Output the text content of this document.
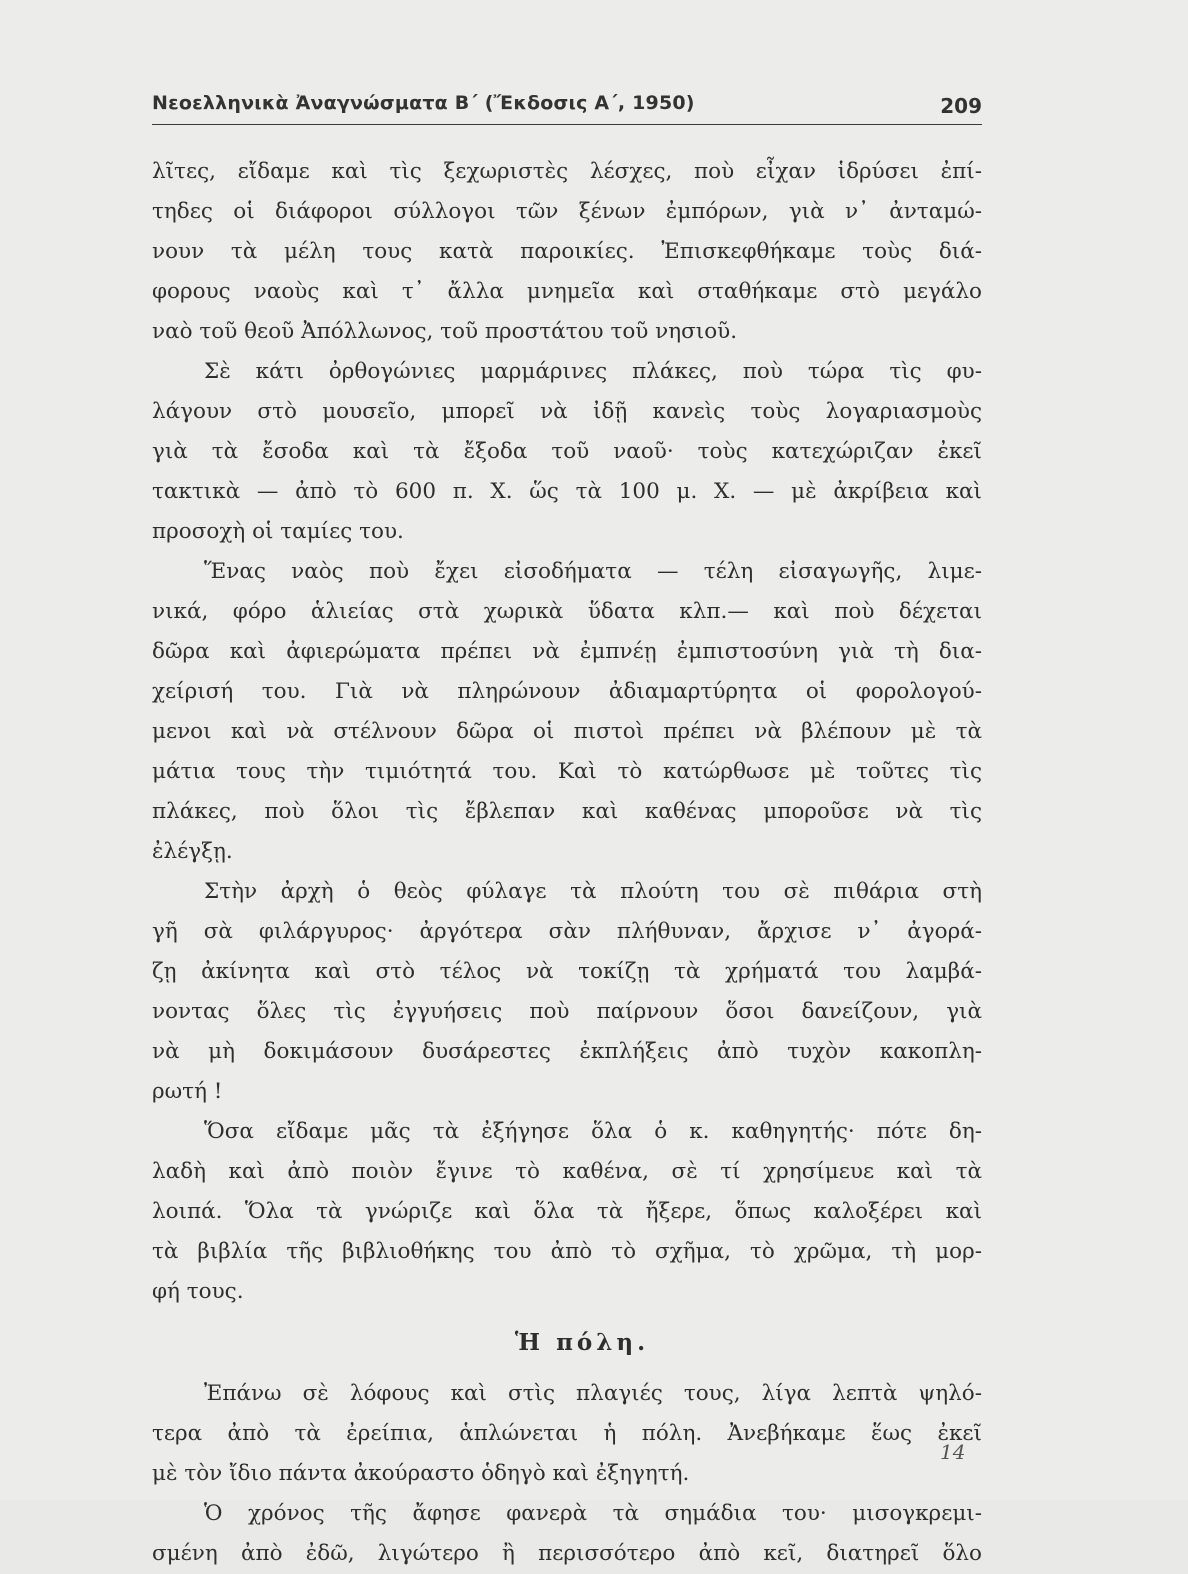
Νεοελληνικὰ Ἀναγνώσματα Β΄ (Ἔκδοσις Α΄, 1950)	209
λῖτες, εἴδαμε καὶ τὶς ξεχωριστὲς λέσχες, ποὺ εἶχαν ἱδρύσει ἐπί-
τηδες οἱ διάφοροι σύλλογοι τῶν ξένων ἐμπόρων, γιὰ ν᾿ ἀνταμώ-
νουν τὰ μέλη τους κατὰ παροικίες. Ἐπισκεφθήκαμε τοὺς διά-
φορους ναοὺς καὶ τ᾿ ἄλλα μνημεῖα καὶ σταθήκαμε στὸ μεγάλο
ναὸ τοῦ θεοῦ Ἀπόλλωνος, τοῦ προστάτου τοῦ νησιοῦ.
Σὲ κάτι ὀρθογώνιες μαρμάρινες πλάκες, ποὺ τώρα τὶς φυ-
λάγουν στὸ μουσεῖο, μπορεῖ νὰ ἰδῇ κανεὶς τοὺς λογαριασμοὺς
γιὰ τὰ ἔσοδα καὶ τὰ ἔξοδα τοῦ ναοῦ· τοὺς κατεχώριζαν ἐκεῖ
τακτικὰ — ἀπὸ τὸ 600 π. Χ. ὥς τὰ 100 μ. Χ. — μὲ ἀκρίβεια καὶ
προσοχὴ οἱ ταμίες του.
Ἕνας ναὸς ποὺ ἔχει εἰσοδήματα — τέλη εἰσαγωγῆς, λιμε-
νικά, φόρο ἁλιείας στὰ χωρικὰ ὕδατα κλπ.— καὶ ποὺ δέχεται
δῶρα καὶ ἀφιερώματα πρέπει νὰ ἐμπνέῃ ἐμπιστοσύνη γιὰ τὴ δια-
χείρισή του. Γιὰ νὰ πληρώνουν ἀδιαμαρτύρητα οἱ φορολογού-
μενοι καὶ νὰ στέλνουν δῶρα οἱ πιστοὶ πρέπει νὰ βλέπουν μὲ τὰ
μάτια τους τὴν τιμιότητά του. Καὶ τὸ κατώρθωσε μὲ τοῦτες τὶς
πλάκες, ποὺ ὅλοι τὶς ἔβλεπαν καὶ καθένας μποροῦσε νὰ τὶς
ἐλέγξῃ.
Στὴν ἀρχὴ ὁ θεὸς φύλαγε τὰ πλούτη του σὲ πιθάρια στὴ
γῆ σὰ φιλάργυρος· ἀργότερα σὰν πλήθυναν, ἄρχισε ν᾿ ἀγορά-
ζῃ ἀκίνητα καὶ στὸ τέλος νὰ τοκίζῃ τὰ χρήματά του λαμβά-
νοντας ὅλες τὶς ἐγγυήσεις ποὺ παίρνουν ὅσοι δανείζουν, γιὰ
νὰ μὴ δοκιμάσουν δυσάρεστες ἐκπλήξεις ἀπὸ τυχὸν κακοπλη-
ρωτή !
Ὅσα εἴδαμε μᾶς τὰ ἐξήγησε ὅλα ὁ κ. καθηγητής· πότε δη-
λαδὴ καὶ ἀπὸ ποιὸν ἔγινε τὸ καθένα, σὲ τί χρησίμευε καὶ τὰ
λοιπά. Ὅλα τὰ γνώριζε καὶ ὅλα τὰ ἤξερε, ὅπως καλοξέρει καὶ
τὰ βιβλία τῆς βιβλιοθήκης του ἀπὸ τὸ σχῆμα, τὸ χρῶμα, τὴ μορ-
φή τους.
Ἡ πόλη.
Ἐπάνω σὲ λόφους καὶ στὶς πλαγιές τους, λίγα λεπτὰ ψηλό-
τερα ἀπὸ τὰ ἐρείπια, ἁπλώνεται ἡ πόλη. Ἀνεβήκαμε ἕως ἐκεῖ
μὲ τὸν ἴδιο πάντα ἀκούραστο ὁδηγὸ καὶ ἐξηγητή.
Ὁ χρόνος τῆς ἄφησε φανερὰ τὰ σημάδια του· μισογκρεμι-
σμένη ἀπὸ ἐδῶ, λιγώτερο ἢ περισσότερο ἀπὸ κεῖ, διατηρεῖ ὅλο
14
